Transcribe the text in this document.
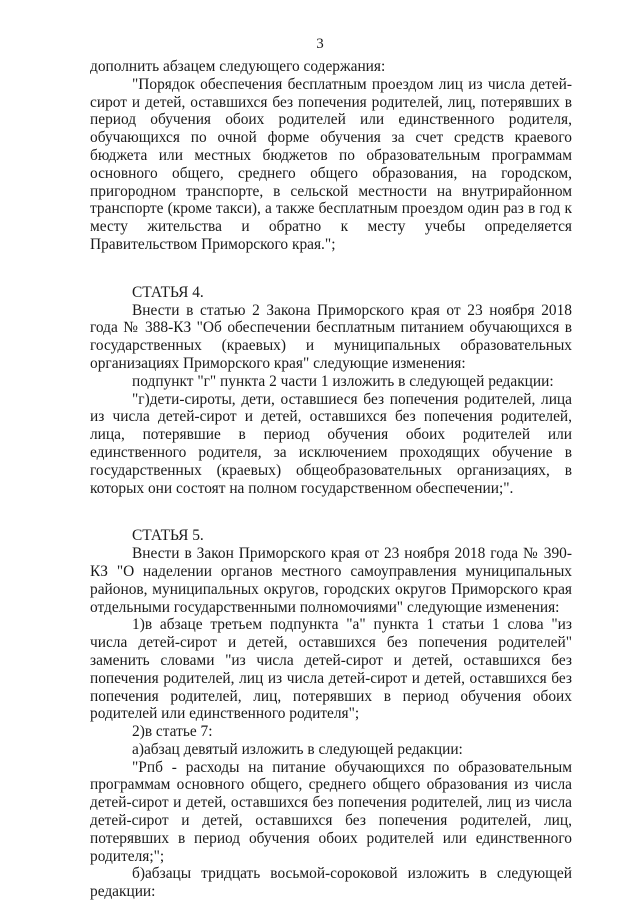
3

дополнить абзацем следующего содержания:

"Порядок обеспечения бесплатным проездом лиц из числа детей-сирот и детей, оставшихся без попечения родителей, лиц, потерявших в период обучения обоих родителей или единственного родителя, обучающихся по очной форме обучения за счет средств краевого бюджета или местных бюджетов по образовательным программам основного общего, среднего общего образования, на городском, пригородном транспорте, в сельской местности на внутрирайонном транспорте (кроме такси), а также бесплатным проездом один раз в год к месту жительства и обратно к месту учебы определяется Правительством Приморского края.";

СТАТЬЯ 4.

Внести в статью 2 Закона Приморского края от 23 ноября 2018 года № 388-КЗ "Об обеспечении бесплатным питанием обучающихся в государственных (краевых) и муниципальных образовательных организациях Приморского края" следующие изменения:

подпункт "г" пункта 2 части 1 изложить в следующей редакции:

"г)дети-сироты, дети, оставшиеся без попечения родителей, лица из числа детей-сирот и детей, оставшихся без попечения родителей, лица, потерявшие в период обучения обоих родителей или единственного родителя, за исключением проходящих обучение в государственных (краевых) общеобразовательных организациях, в которых они состоят на полном государственном обеспечении;".

СТАТЬЯ 5.

Внести в Закон Приморского края от 23 ноября 2018 года № 390-КЗ "О наделении органов местного самоуправления муниципальных районов, муниципальных округов, городских округов Приморского края отдельными государственными полномочиями" следующие изменения:

1)в абзаце третьем подпункта "а" пункта 1 статьи 1 слова "из числа детей-сирот и детей, оставшихся без попечения родителей" заменить словами "из числа детей-сирот и детей, оставшихся без попечения родителей, лиц из числа детей-сирот и детей, оставшихся без попечения родителей, лиц, потерявших в период обучения обоих родителей или единственного родителя";

2)в статье 7:

а)абзац девятый изложить в следующей редакции:

"Рпб - расходы на питание обучающихся по образовательным программам основного общего, среднего общего образования из числа детей-сирот и детей, оставшихся без попечения родителей, лиц из числа детей-сирот и детей, оставшихся без попечения родителей, лиц, потерявших в период обучения обоих родителей или единственного родителя;";

б)абзацы тридцать восьмой-сороковой изложить в следующей редакции:
